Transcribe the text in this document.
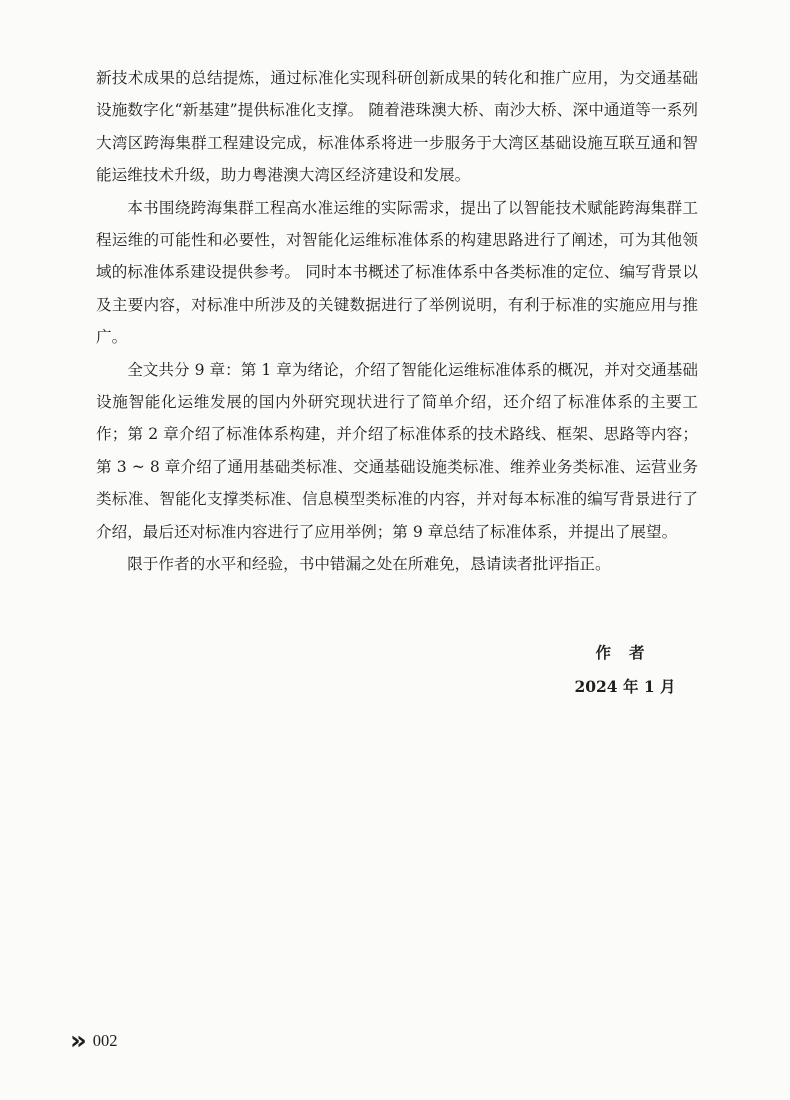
新技术成果的总结提炼，通过标准化实现科研创新成果的转化和推广应用，为交通基础设施数字化“新基建”提供标准化支撑。 随着港珠澳大桥、南沙大桥、深中通道等一系列大湾区跨海集群工程建设完成，标准体系将进一步服务于大湾区基础设施互联互通和智能运维技术升级，助力粤港澳大湾区经济建设和发展。

本书围绕跨海集群工程高水准运维的实际需求，提出了以智能技术赋能跨海集群工程运维的可能性和必要性，对智能化运维标准体系的构建思路进行了阐述，可为其他领域的标准体系建设提供参考。 同时本书概述了标准体系中各类标准的定位、编写背景以及主要内容，对标准中所涉及的关键数据进行了举例说明，有利于标准的实施应用与推广。

全文共分 9 章：第 1 章为绪论，介绍了智能化运维标准体系的概况，并对交通基础设施智能化运维发展的国内外研究现状进行了简单介绍，还介绍了标准体系的主要工作；第 2 章介绍了标准体系构建，并介绍了标准体系的技术路线、框架、思路等内容；第 3 ~ 8 章介绍了通用基础类标准、交通基础设施类标准、维养业务类标准、运营业务类标准、智能化支撑类标准、信息模型类标准的内容，并对每本标准的编写背景进行了介绍，最后还对标准内容进行了应用举例；第 9 章总结了标准体系，并提出了展望。

限于作者的水平和经验，书中错漏之处在所难免，恳请读者批评指正。

作者
2024 年 1 月
» 002
